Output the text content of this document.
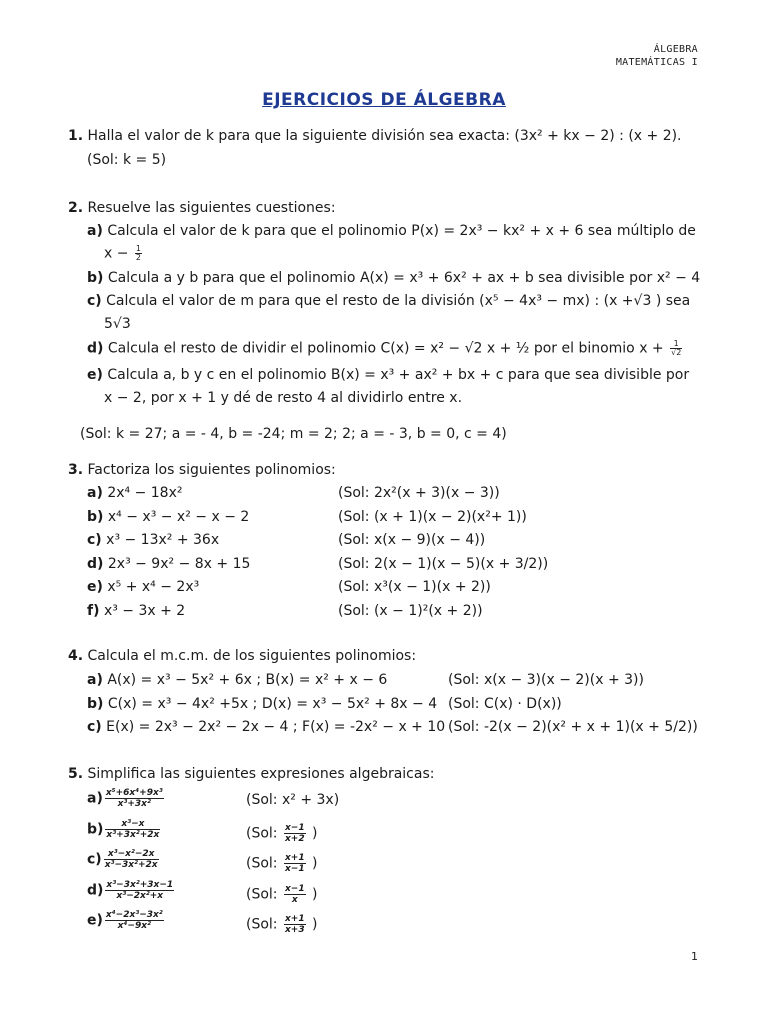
ÁLGEBRA
MATEMÁTICAS I
EJERCICIOS DE ÁLGEBRA
1. Halla el valor de k para que la siguiente división sea exacta: (3x² + kx − 2) : (x + 2).
(Sol: k = 5)
2. Resuelve las siguientes cuestiones:
a) Calcula el valor de k para que el polinomio P(x) = 2x³ − kx² + x + 6 sea múltiplo de
$x - \frac{1}{2}$
b) Calcula a y b para que el polinomio A(x) = x³ + 6x² + ax + b sea divisible por x² − 4
c) Calcula el valor de m para que el resto de la división (x⁵ − 4x³ − mx) : (x +√3 ) sea
5√3
d) Calcula el resto de dividir el polinomio C(x) = x² − √2 x + ½ por el binomio $x + \frac{1}{√2}$
e) Calcula a, b y c en el polinomio B(x) = x³ + ax² + bx + c para que sea divisible por
x − 2, por x + 1 y dé de resto 4 al dividirlo entre x.
(Sol: k = 27; a = - 4, b = -24; m = 2; 2; a = - 3, b = 0, c = 4)
3. Factoriza los siguientes polinomios:
a) 2x⁴ − 18x²	(Sol: 2x²(x + 3)(x − 3))
b) x⁴ − x³ − x² − x − 2	(Sol: (x + 1)(x − 2)(x²+ 1))
c) x³ − 13x² + 36x	(Sol: x(x − 9)(x − 4))
d) 2x³ − 9x² − 8x + 15	(Sol: 2(x − 1)(x − 5)(x + 3/2))
e) x⁵ + x⁴ − 2x³	(Sol: x³(x − 1)(x + 2))
f) x³ − 3x + 2	(Sol: (x − 1)²(x + 2))
4. Calcula el m.c.m. de los siguientes polinomios:
a) A(x) = x³ − 5x² + 6x ; B(x) = x² + x − 6	(Sol: x(x − 3)(x − 2)(x + 3))
b) C(x) = x³ − 4x² +5x ; D(x) = x³ − 5x² + 8x − 4 (Sol: C(x) · D(x))
c) E(x) = 2x³ − 2x² − 2x − 4 ; F(x) = -2x² − x + 10 (Sol: -2(x − 2)(x² + x + 1)(x + 5/2))
5. Simplifica las siguientes expresiones algebraicas:
$a) \frac{\text{x⁵+6x⁴+9x³}}{\text{x³+3x²}}$	(Sol: x² + 3x)
$b) \frac{\text{x³−x}}{\text{x³+3x²+2x}}$	(Sol: $\frac{x-1}{x+2}$ )
$c) \frac{\text{x³−x²−2x}}{\text{x³−3x²+2x}}$	(Sol: $\frac{x+1}{x-1}$ )
$d) \frac{\text{x³−3x²+3x−1}}{\text{x³−2x²+x}}$	(Sol: $\frac{x-1}{x}$ )
$e) \frac{\text{x⁴−2x³−3x²}}{\text{x⁴−9x²}}$	(Sol: $\frac{x+1}{x+3}$ )
1
